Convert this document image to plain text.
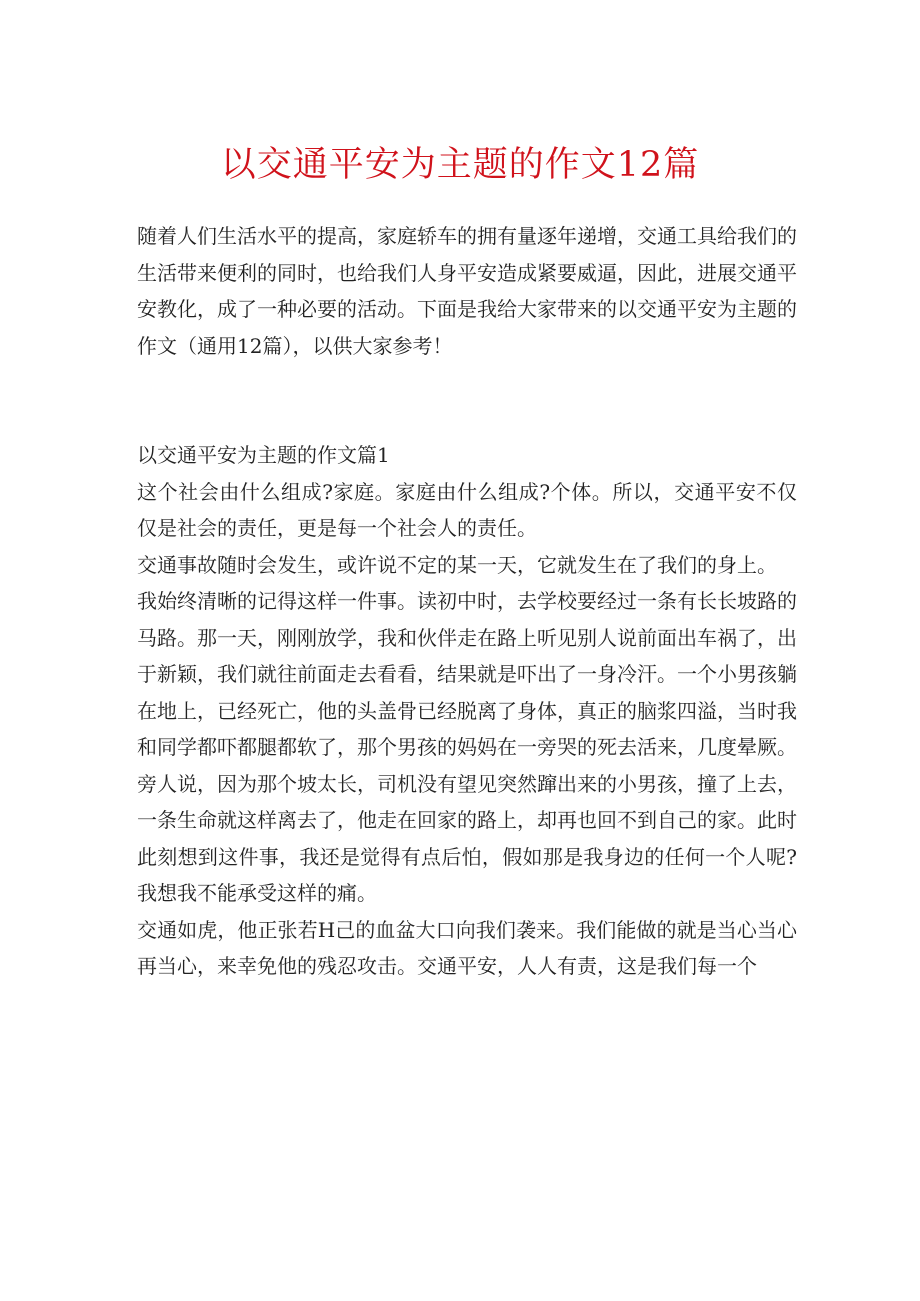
以交通平安为主题的作文12篇

随着人们生活水平的提高，家庭轿车的拥有量逐年递增，交通工具给我们的生活带来便利的同时，也给我们人身平安造成紧要威逼，因此，进展交通平安教化，成了一种必要的活动。下面是我给大家带来的以交通平安为主题的作文（通用12篇），以供大家参考！

以交通平安为主题的作文篇1

这个社会由什么组成?家庭。家庭由什么组成?个体。所以，交通平安不仅仅是社会的责任，更是每一个社会人的责任。

交通事故随时会发生，或许说不定的某一天，它就发生在了我们的身上。

我始终清晰的记得这样一件事。读初中时，去学校要经过一条有长长坡路的马路。那一天，刚刚放学，我和伙伴走在路上听见别人说前面出车祸了，出于新颖，我们就往前面走去看看，结果就是吓出了一身冷汗。一个小男孩躺在地上，已经死亡，他的头盖骨已经脱离了身体，真正的脑浆四溢，当时我和同学都吓都腿都软了，那个男孩的妈妈在一旁哭的死去活来，几度晕厥。旁人说，因为那个坡太长，司机没有望见突然蹿出来的小男孩，撞了上去，一条生命就这样离去了，他走在回家的路上，却再也回不到自己的家。此时此刻想到这件事，我还是觉得有点后怕，假如那是我身边的任何一个人呢?我想我不能承受这样的痛。

交通如虎，他正张若H己的血盆大口向我们袭来。我们能做的就是当心当心再当心，来幸免他的残忍攻击。交通平安，人人有责，这是我们每一个
